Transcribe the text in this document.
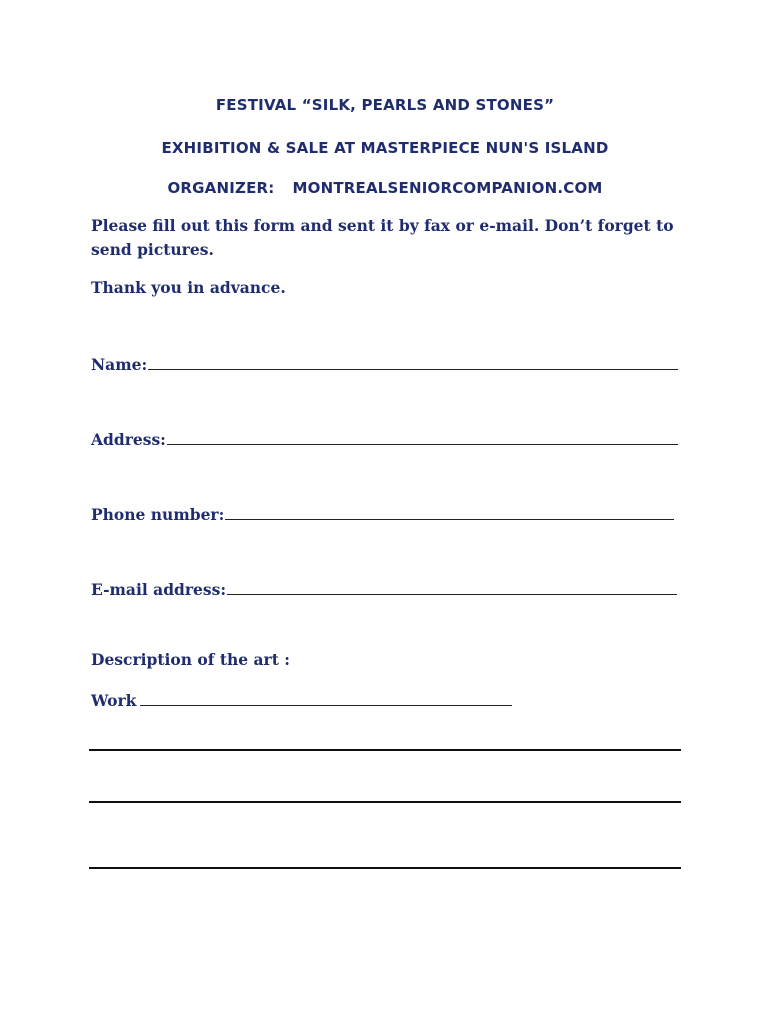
FESTIVAL “SILK, PEARLS AND STONES”
EXHIBITION & SALE AT MASTERPIECE NUN'S ISLAND
ORGANIZER: MONTREALSENIORCOMPANION.COM
Please fill out this form and sent it by fax or e-mail. Don’t forget to send pictures.
Thank you in advance.
Name:
Address:
Phone number:
E-mail address:
Description of the art :
Work
